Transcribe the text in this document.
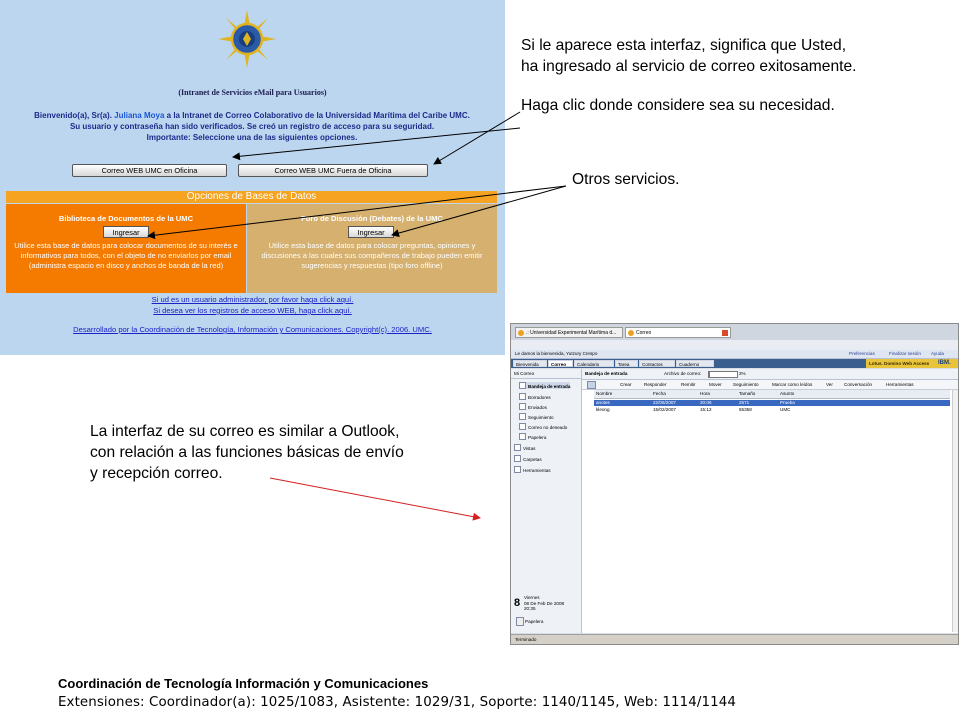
(Intranet de Servicios eMail para Usuarios)
Bienvenido(a), Sr(a). Juliana Moya a la Intranet de Correo Colaborativo de la Universidad Marítima del Caribe UMC.
Su usuario y contraseña han sido verificados. Se creó un registro de acceso para su seguridad.
Importante: Seleccione una de las siguientes opciones.
Correo WEB UMC en Oficina	Correo WEB UMC Fuera de Oficina
Opciones de Bases de Datos
Biblioteca de Documentos de la UMC
Ingresar
Utilice esta base de datos para colocar documentos de su interés e informativos para todos, con el objeto de no enviarlos por email (administra espacio en disco y anchos de banda de la red)
Foro de Discusión (Debates) de la UMC
Ingresar
Utilice esta base de datos para colocar preguntas, opiniones y discusiones a las cuales sus compañeros de trabajo pueden emitir sugerencias y respuestas (tipo foro offline)
Si ud es un usuario administrador, por favor haga click aquí.
Si desea ver los registros de acceso WEB, haga click aquí.
Desarrollado por la Coordinación de Tecnología, Información y Comunicaciones. Copyright(c). 2006. UMC.
Si le aparece esta interfaz, significa que Usted,
ha ingresado al servicio de correo exitosamente.
Haga clic donde considere sea su necesidad.
Otros servicios.
La interfaz de su correo es similar a Outlook,
con relación a las funciones básicas de envío
y recepción correo.
.: Universidad Experimental Marítima d...	Correo
Le damos la bienvenida, Yutzury Crespo	Preferencias	Finalizar sesión Ayuda
Bienvenida	Correo	Calendario	Tarea	Contactos	Cuaderno	Lotus. Domino Web Access IBM.
Mi Correo
Bandeja de entrada
Borradores
Enviados
Seguimiento
Correo no deseado
Papelera
Vistas
Carpetas
Herramientas
8 Viernes
08 De Feb De 2008
20:35
Papelera
Bandeja de entrada	Archivo de correo:	2%
Crear	Responder	Remitir	Mover Seguimiento	Marcar como leídos	Ver Conversación	Herramientas
Nombre	Fecha	Hora	Tamaño	Asunto
anotes	22/06/2007	20:06	2571	Prueba
kleong	15/02/2007	15:12	55358	UMC
Terminado
Coordinación de Tecnología Información y Comunicaciones
Extensiones: Coordinador(a): 1025/1083, Asistente: 1029/31, Soporte: 1140/1145, Web: 1114/1144
